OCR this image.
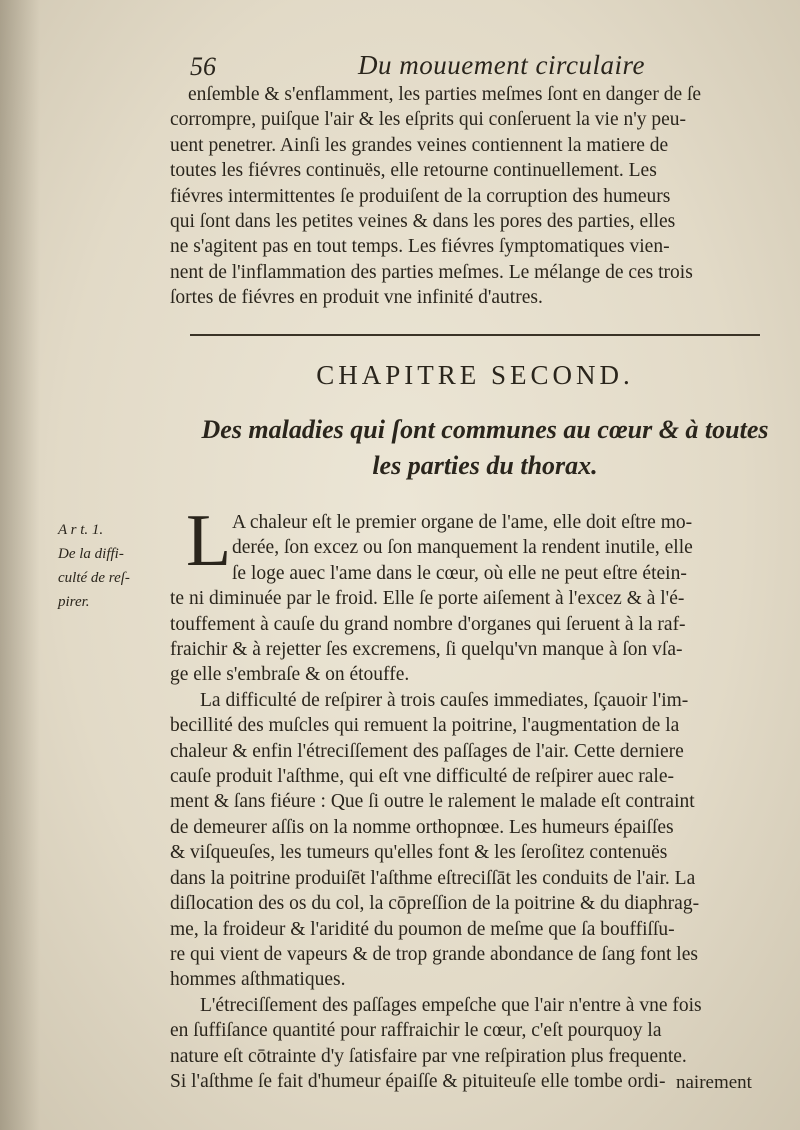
56	Du mouuement circulaire
enſemble & s'enflamment, les parties meſmes ſont en danger de ſe
corrompre, puiſque l'air & les eſprits qui conſeruent la vie n'y peu-
uent penetrer. Ainſi les grandes veines contiennent la matiere de
toutes les fiévres continuës, elle retourne continuellement. Les
fiévres intermittentes ſe produiſent de la corruption des humeurs
qui ſont dans les petites veines & dans les pores des parties, elles
ne s'agitent pas en tout temps. Les fiévres ſymptomatiques vien-
nent de l'inflammation des parties meſmes. Le mélange de ces trois
ſortes de fiévres en produit vne infinité d'autres.
CHAPITRE SECOND.
Des maladies qui ſont communes au cœur & à toutes
les parties du thorax.
A r t. 1.
De la diffi-
culté de reſ-
pirer.
L A chaleur eſt le premier organe de l'ame, elle doit eſtre mo-
derée, ſon excez ou ſon manquement la rendent inutile, elle
ſe loge auec l'ame dans le cœur, où elle ne peut eſtre étein-
te ni diminuée par le froid. Elle ſe porte aiſement à l'excez & à l'é-
touffement à cauſe du grand nombre d'organes qui ſeruent à la raf-
fraichir & à rejetter ſes excremens, ſi quelqu'vn manque à ſon vſa-
ge elle s'embraſe & on étouffe.
La difficulté de reſpirer à trois cauſes immediates, ſçauoir l'im-
becillité des muſcles qui remuent la poitrine, l'augmentation de la
chaleur & enfin l'étreciſſement des paſſages de l'air. Cette derniere
cauſe produit l'aſthme, qui eſt vne difficulté de reſpirer auec rale-
ment & ſans fiéure : Que ſi outre le ralement le malade eſt contraint
de demeurer aſſis on la nomme orthopnœe. Les humeurs épaiſſes
& viſqueuſes, les tumeurs qu'elles font & les ſeroſitez contenuës
dans la poitrine produiſēt l'aſthme eſtreciſſāt les conduits de l'air. La
diſlocation des os du col, la cōpreſſion de la poitrine & du diaphrag-
me, la froideur & l'aridité du poumon de meſme que ſa bouffiſſu-
re qui vient de vapeurs & de trop grande abondance de ſang font les
hommes aſthmatiques.
L'étreciſſement des paſſages empeſche que l'air n'entre à vne fois
en ſuffiſance quantité pour raffraichir le cœur, c'eſt pourquoy la
nature eſt cōtrainte d'y ſatisfaire par vne reſpiration plus frequente.
Si l'aſthme ſe fait d'humeur épaiſſe & pituiteuſe elle tombe ordi- nairement
